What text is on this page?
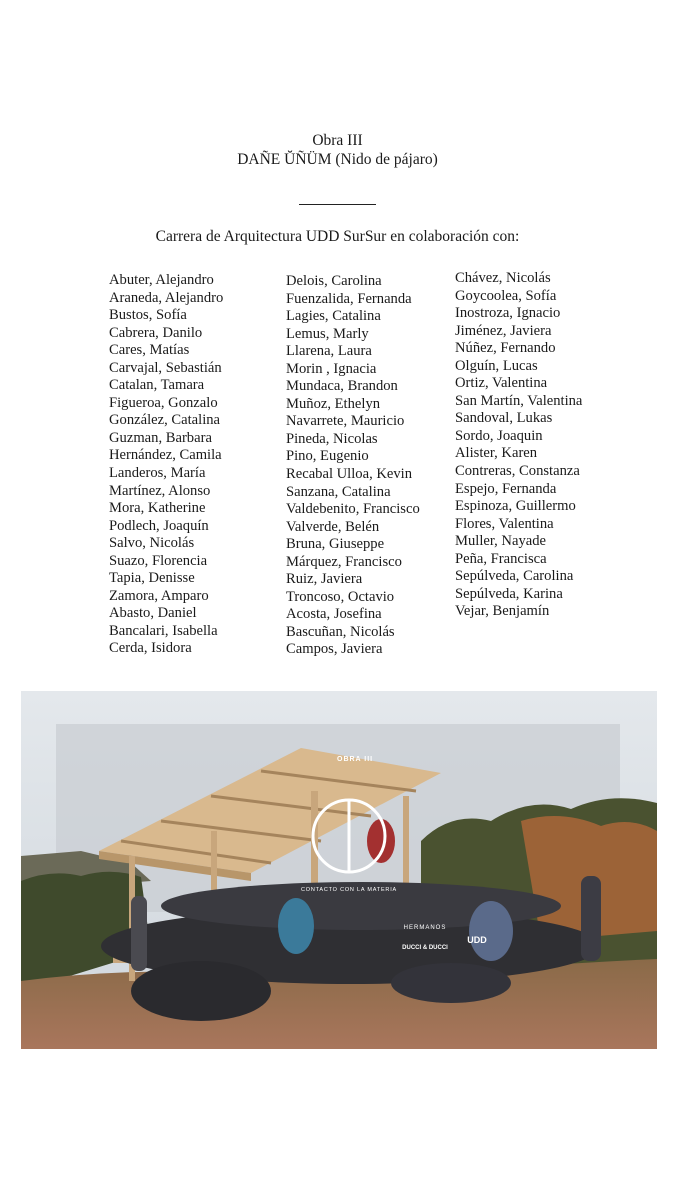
Obra III
DAÑE ŬÑÜM (Nido de pájaro)
Carrera de Arquitectura UDD SurSur en colaboración con:
Abuter, Alejandro
Araneda, Alejandro
Bustos, Sofía
Cabrera, Danilo
Cares, Matías
Carvajal, Sebastián
Catalan, Tamara
Figueroa, Gonzalo
González, Catalina
Guzman, Barbara
Hernández, Camila
Landeros, María
Martínez, Alonso
Mora, Katherine
Podlech, Joaquín
Salvo, Nicolás
Suazo, Florencia
Tapia, Denisse
Zamora, Amparo
Abasto, Daniel
Bancalari, Isabella
Cerda, Isidora
Delois, Carolina
Fuenzalida, Fernanda
Lagies, Catalina
Lemus, Marly
Llarena, Laura
Morin , Ignacia
Mundaca, Brandon
Muñoz, Ethelyn
Navarrete, Mauricio
Pineda, Nicolas
Pino, Eugenio
Recabal Ulloa, Kevin
Sanzana, Catalina
Valdebenito, Francisco
Valverde, Belén
Bruna, Giuseppe
Márquez, Francisco
Ruiz, Javiera
Troncoso, Octavio
Acosta, Josefina
Bascuñan, Nicolás
Campos, Javiera
Chávez, Nicolás
Goycoolea, Sofía
Inostroza, Ignacio
Jiménez, Javiera
Núñez, Fernando
Olguín, Lucas
Ortiz, Valentina
San Martín, Valentina
Sandoval, Lukas
Sordo, Joaquin
Alister, Karen
Contreras, Constanza
Espejo, Fernanda
Espinoza, Guillermo
Flores, Valentina
Muller, Nayade
Peña, Francisca
Sepúlveda, Carolina
Sepúlveda, Karina
Vejar, Benjamín
OBRA III
CONTACTO CON LA MATERIA
HERMANOS
DUCCI & DUCCI
UDD
